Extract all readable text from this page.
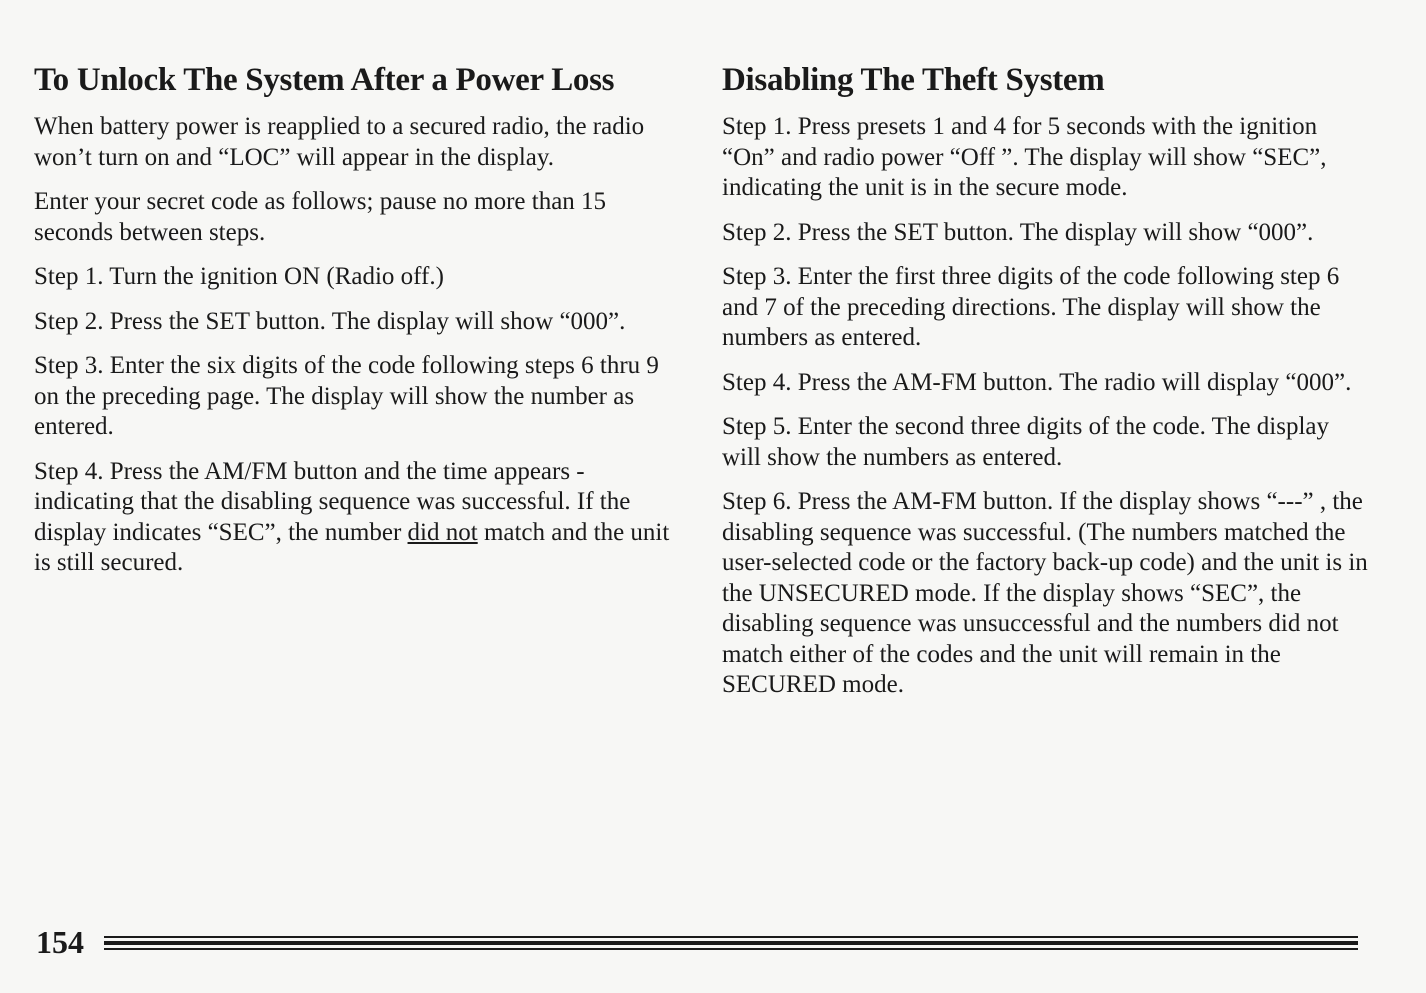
To Unlock The System After a Power Loss

When battery power is reapplied to a secured radio, the radio won’t turn on and “LOC” will appear in the display.

Enter your secret code as follows; pause no more than 15 seconds between steps.

Step 1. Turn the ignition ON (Radio off.)

Step 2. Press the SET button. The display will show “000”.

Step 3. Enter the six digits of the code following steps 6 thru 9 on the preceding page. The display will show the number as entered.

Step 4. Press the AM/FM button and the time appears - indicating that the disabling sequence was successful. If the display indicates “SEC”, the number did not match and the unit is still secured.

Disabling The Theft System

Step 1. Press presets 1 and 4 for 5 seconds with the ignition “On” and radio power “Off ”. The display will show “SEC”, indicating the unit is in the secure mode.

Step 2. Press the SET button. The display will show “000”.

Step 3. Enter the first three digits of the code following step 6 and 7 of the preceding directions. The display will show the numbers as entered.

Step 4. Press the AM-FM button. The radio will display “000”.

Step 5. Enter the second three digits of the code. The display will show the numbers as entered.

Step 6. Press the AM-FM button. If the display shows “---” , the disabling sequence was successful. (The numbers matched the user-selected code or the factory back-up code) and the unit is in the UNSECURED mode. If the display shows “SEC”, the disabling sequence was unsuccessful and the numbers did not match either of the codes and the unit will remain in the SECURED mode.

154
